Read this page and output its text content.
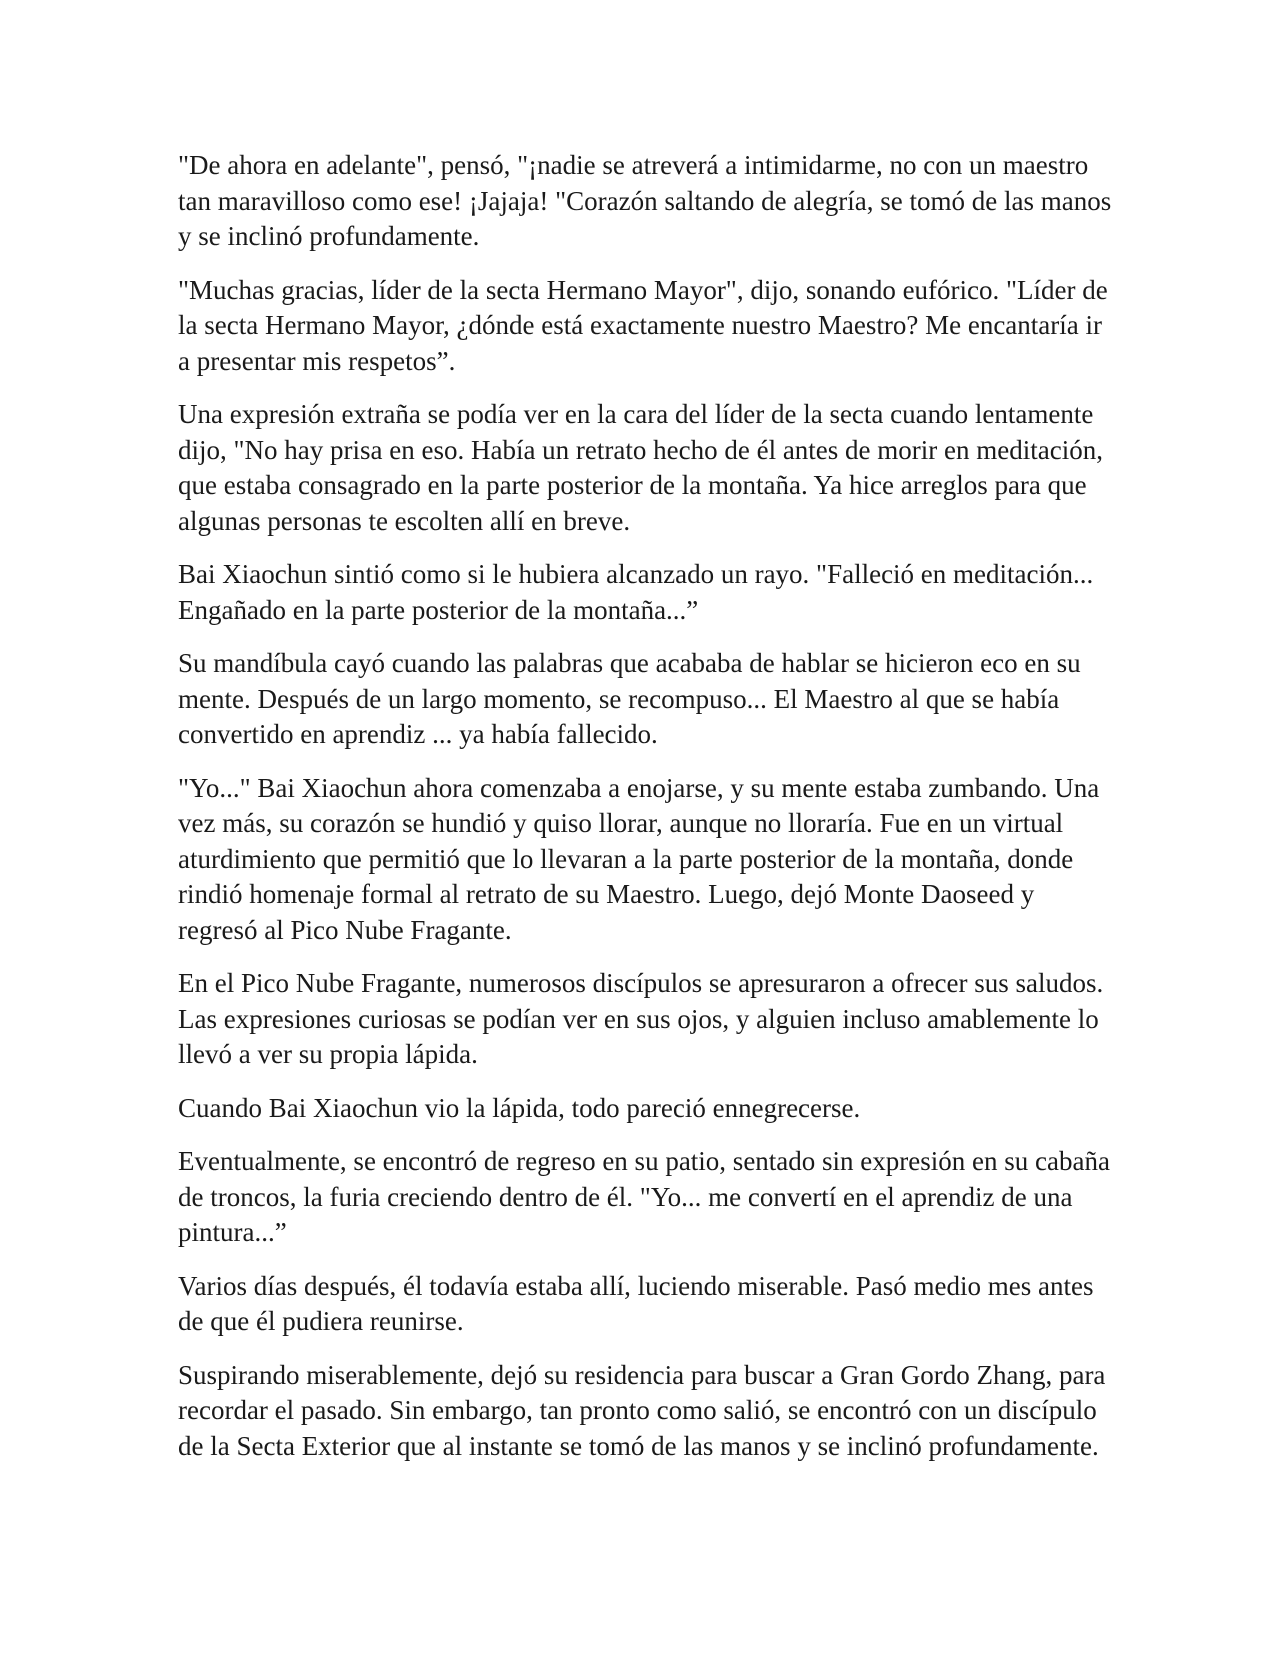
"De ahora en adelante", pensó, "¡nadie se atreverá a intimidarme, no con un maestro tan maravilloso como ese! ¡Jajaja! "Corazón saltando de alegría, se tomó de las manos y se inclinó profundamente.

"Muchas gracias, líder de la secta Hermano Mayor", dijo, sonando eufórico. "Líder de la secta Hermano Mayor, ¿dónde está exactamente nuestro Maestro? Me encantaría ir a presentar mis respetos”.

Una expresión extraña se podía ver en la cara del líder de la secta cuando lentamente dijo, "No hay prisa en eso. Había un retrato hecho de él antes de morir en meditación, que estaba consagrado en la parte posterior de la montaña. Ya hice arreglos para que algunas personas te escolten allí en breve.

Bai Xiaochun sintió como si le hubiera alcanzado un rayo. "Falleció en meditación... Engañado en la parte posterior de la montaña...”

Su mandíbula cayó cuando las palabras que acababa de hablar se hicieron eco en su mente. Después de un largo momento, se recompuso... El Maestro al que se había convertido en aprendiz ... ya había fallecido.

"Yo..." Bai Xiaochun ahora comenzaba a enojarse, y su mente estaba zumbando. Una vez más, su corazón se hundió y quiso llorar, aunque no lloraría. Fue en un virtual aturdimiento que permitió que lo llevaran a la parte posterior de la montaña, donde rindió homenaje formal al retrato de su Maestro. Luego, dejó Monte Daoseed y regresó al Pico Nube Fragante.

En el Pico Nube Fragante, numerosos discípulos se apresuraron a ofrecer sus saludos. Las expresiones curiosas se podían ver en sus ojos, y alguien incluso amablemente lo llevó a ver su propia lápida.

Cuando Bai Xiaochun vio la lápida, todo pareció ennegrecerse.

Eventualmente, se encontró de regreso en su patio, sentado sin expresión en su cabaña de troncos, la furia creciendo dentro de él. "Yo... me convertí en el aprendiz de una pintura...”

Varios días después, él todavía estaba allí, luciendo miserable. Pasó medio mes antes de que él pudiera reunirse.

Suspirando miserablemente, dejó su residencia para buscar a Gran Gordo Zhang, para recordar el pasado. Sin embargo, tan pronto como salió, se encontró con un discípulo de la Secta Exterior que al instante se tomó de las manos y se inclinó profundamente.
